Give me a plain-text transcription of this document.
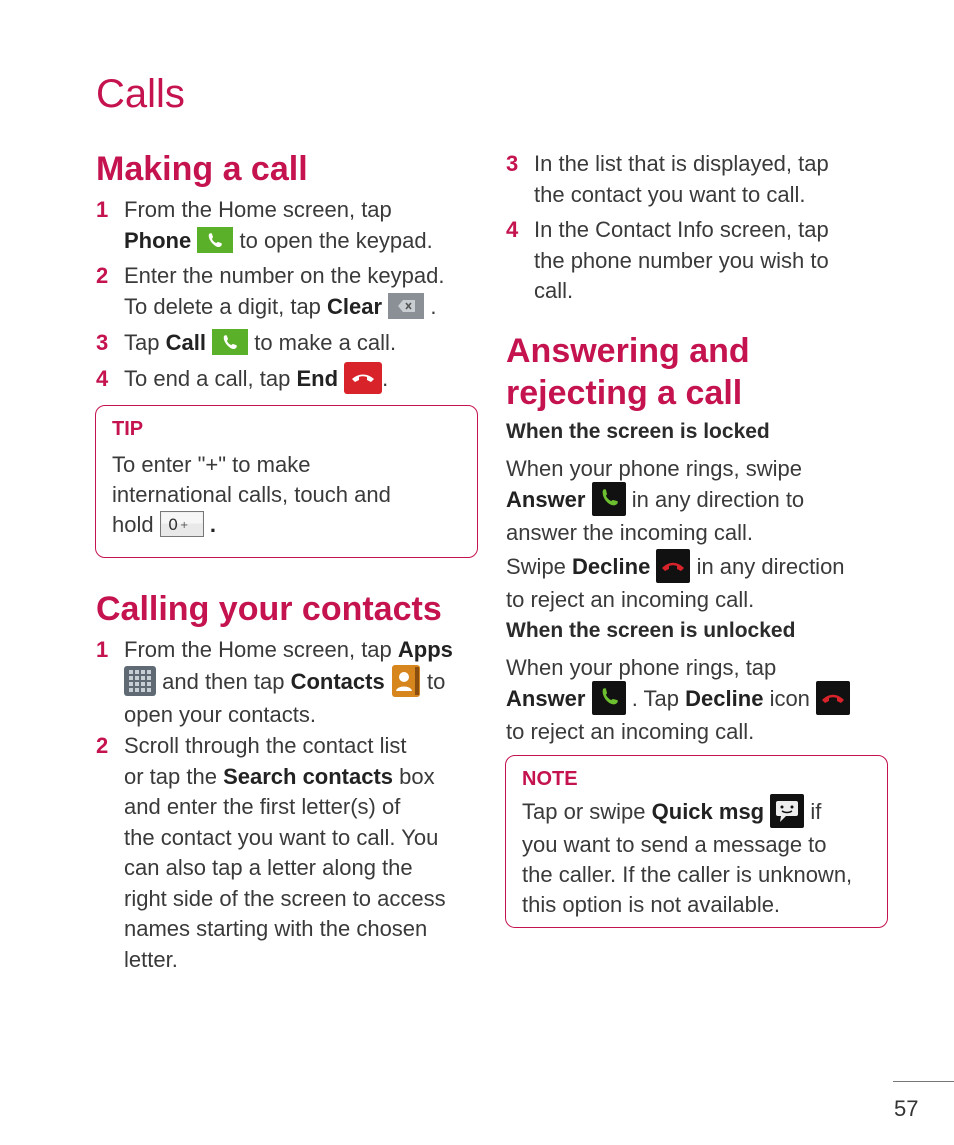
Calls
Making a call
1 From the Home screen, tap
Phone to open the keypad.
2 Enter the number on the keypad.
To delete a digit, tap Clear .
3 Tap Call to make a call.
4 To end a call, tap End .

TIP

To enter "+" to make
international calls, touch and
hold 0 + .
Calling your contacts
1 From the Home screen, tap Apps

and then tap Contacts to
open your contacts.
2 Scroll through the contact list
or tap the Search contacts box
and enter the first letter(s) of
the contact you want to call. You
can also tap a letter along the
right side of the screen to access
names starting with the chosen
letter.
3 In the list that is displayed, tap
the contact you want to call.
4 In the Contact Info screen, tap
the phone number you wish to
call.
Answering and
rejecting a call

When the screen is locked

When your phone rings, swipe
Answer in any direction to
answer the incoming call.
Swipe Decline in any direction
to reject an incoming call.

When the screen is unlocked

When your phone rings, tap
Answer . Tap Decline icon

to reject an incoming call.

NOTE

Tap or swipe Quick msg if
you want to send a message to
the caller. If the caller is unknown,
this option is not available.
57
